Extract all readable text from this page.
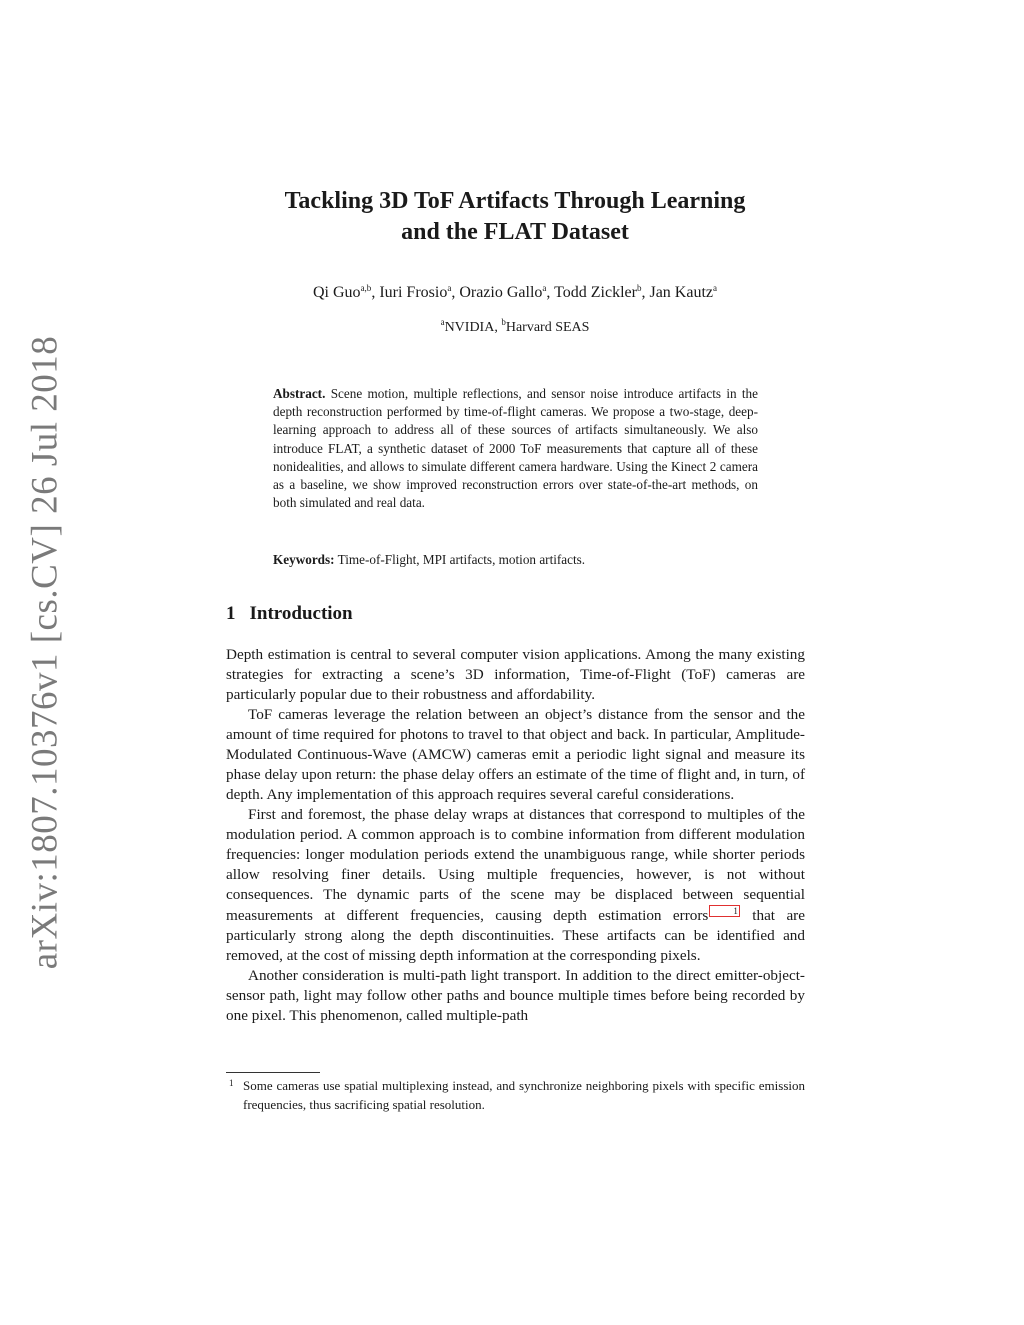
arXiv:1807.10376v1 [cs.CV] 26 Jul 2018
Tackling 3D ToF Artifacts Through Learning
and the FLAT Dataset
Qi Guo$^{a,b}$, Iuri Frosio$^a$, Orazio Gallo$^a$, Todd Zickler$^b$, Jan Kautz$^a$
$^a$NVIDIA, $^b$Harvard SEAS

Abstract. Scene motion, multiple reflections, and sensor noise introduce artifacts in the depth reconstruction performed by time-of-flight cameras. We propose a two-stage, deep-learning approach to address all of these sources of artifacts simultaneously. We also introduce FLAT, a synthetic dataset of 2000 ToF measurements that capture all of these nonidealities, and allows to simulate different camera hardware. Using the Kinect 2 camera as a baseline, we show improved reconstruction errors over state-of-the-art methods, on both simulated and real data.

Keywords: Time-of-Flight, MPI artifacts, motion artifacts.

1 Introduction

Depth estimation is central to several computer vision applications. Among the many existing strategies for extracting a scene’s 3D information, Time-of-Flight (ToF) cameras are particularly popular due to their robustness and affordability.

ToF cameras leverage the relation between an object’s distance from the sensor and the amount of time required for photons to travel to that object and back. In particular, Amplitude-Modulated Continuous-Wave (AMCW) cameras emit a periodic light signal and measure its phase delay upon return: the phase delay offers an estimate of the time of flight and, in turn, of depth. Any implementation of this approach requires several careful considerations.

First and foremost, the phase delay wraps at distances that correspond to multiples of the modulation period. A common approach is to combine information from different modulation frequencies: longer modulation periods extend the unambiguous range, while shorter periods allow resolving finer details. Using multiple frequencies, however, is not without consequences. The dynamic parts of the scene may be displaced between sequential measurements at different frequencies, causing depth estimation errors	1 that are particularly strong along the depth discontinuities. These artifacts can be identified and removed, at the cost of missing depth information at the corresponding pixels.

Another consideration is multi-path light transport. In addition to the direct emitter-object-sensor path, light may follow other paths and bounce multiple times before being recorded by one pixel. This phenomenon, called multiple-path

1 Some cameras use spatial multiplexing instead, and synchronize neighboring pixels with specific emission frequencies, thus sacrificing spatial resolution.
